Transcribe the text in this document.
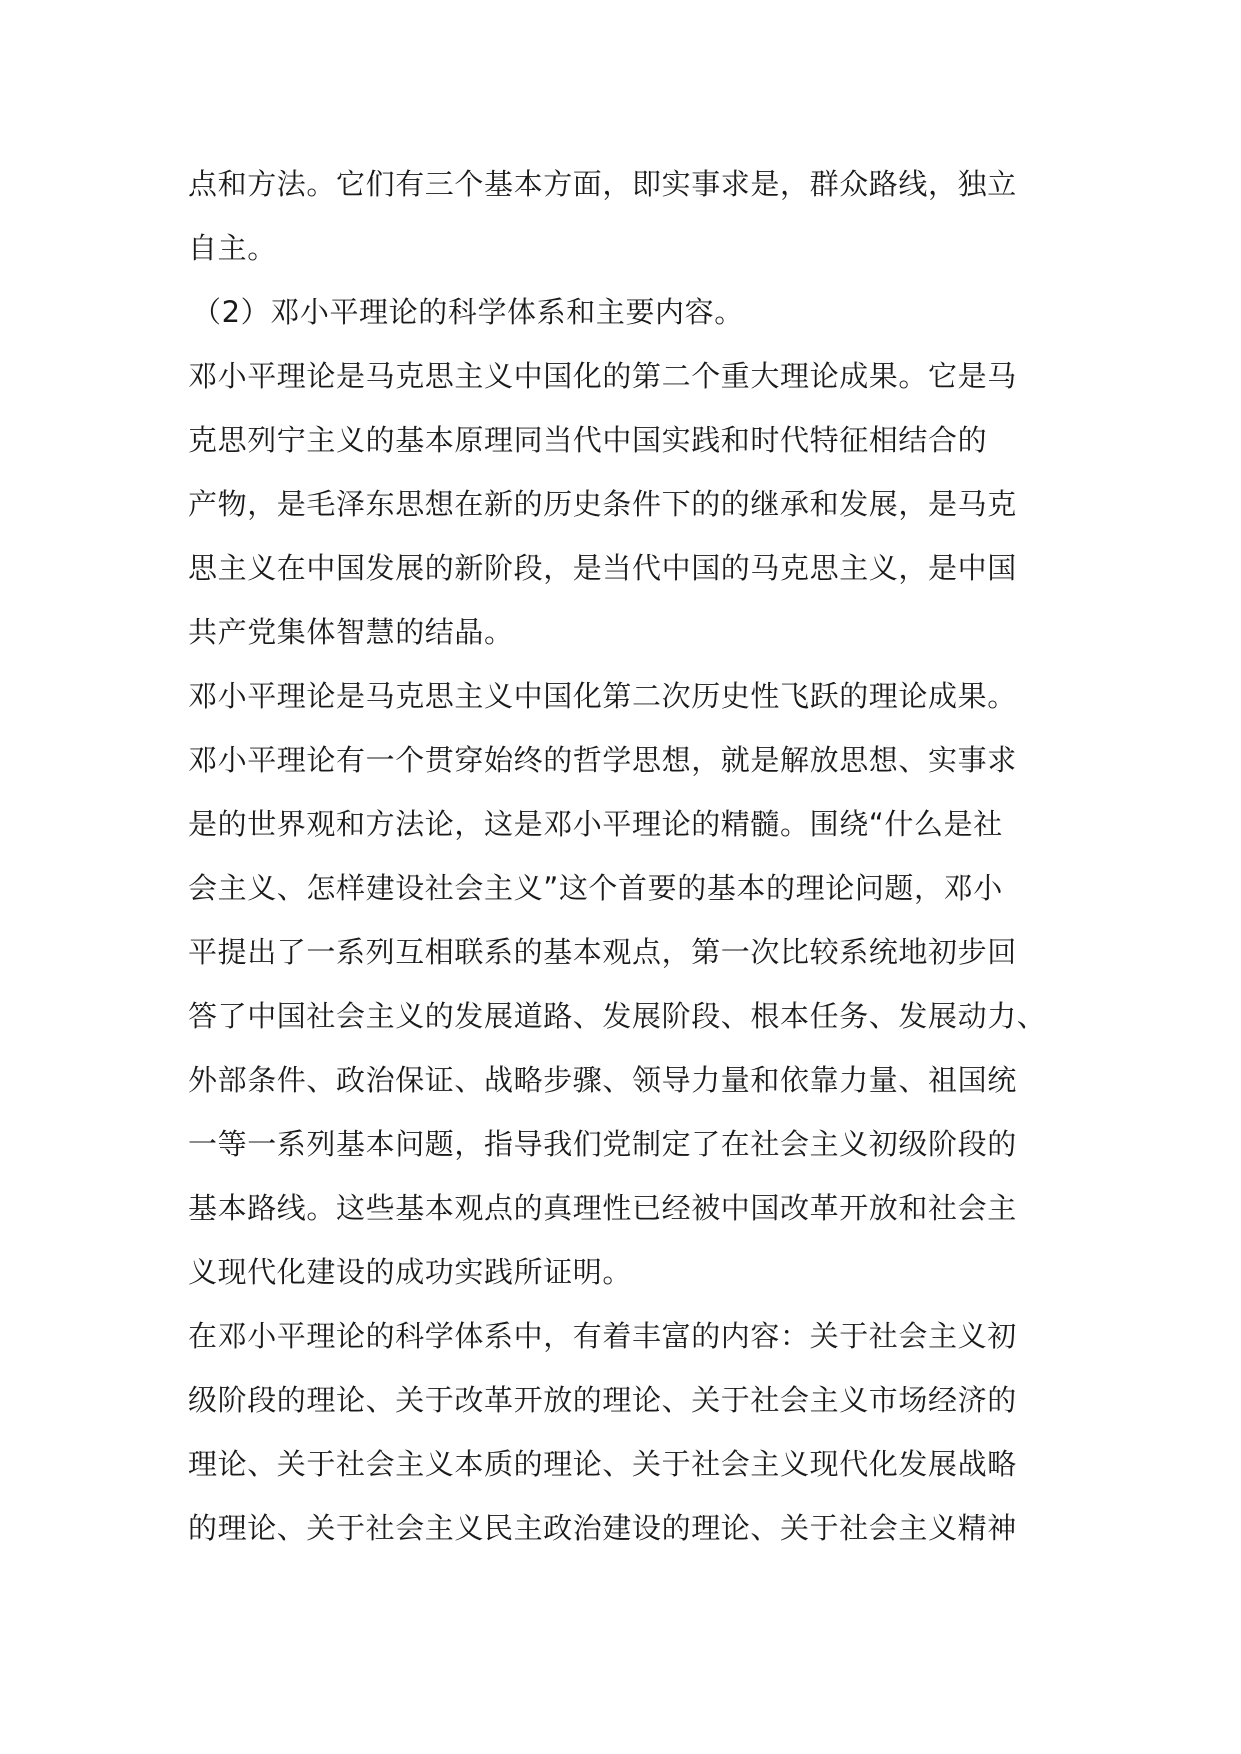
点和方法。它们有三个基本方面，即实事求是，群众路线，独立
自主。
（2）邓小平理论的科学体系和主要内容。
邓小平理论是马克思主义中国化的第二个重大理论成果。它是马
克思列宁主义的基本原理同当代中国实践和时代特征相结合的
产物，是毛泽东思想在新的历史条件下的的继承和发展，是马克
思主义在中国发展的新阶段，是当代中国的马克思主义，是中国
共产党集体智慧的结晶。
邓小平理论是马克思主义中国化第二次历史性飞跃的理论成果。
邓小平理论有一个贯穿始终的哲学思想，就是解放思想、实事求
是的世界观和方法论，这是邓小平理论的精髓。围绕“什么是社
会主义、怎样建设社会主义”这个首要的基本的理论问题，邓小
平提出了一系列互相联系的基本观点，第一次比较系统地初步回
答了中国社会主义的发展道路、发展阶段、根本任务、发展动力、
外部条件、政治保证、战略步骤、领导力量和依靠力量、祖国统
一等一系列基本问题，指导我们党制定了在社会主义初级阶段的
基本路线。这些基本观点的真理性已经被中国改革开放和社会主
义现代化建设的成功实践所证明。
在邓小平理论的科学体系中，有着丰富的内容：关于社会主义初
级阶段的理论、关于改革开放的理论、关于社会主义市场经济的
理论、关于社会主义本质的理论、关于社会主义现代化发展战略
的理论、关于社会主义民主政治建设的理论、关于社会主义精神
